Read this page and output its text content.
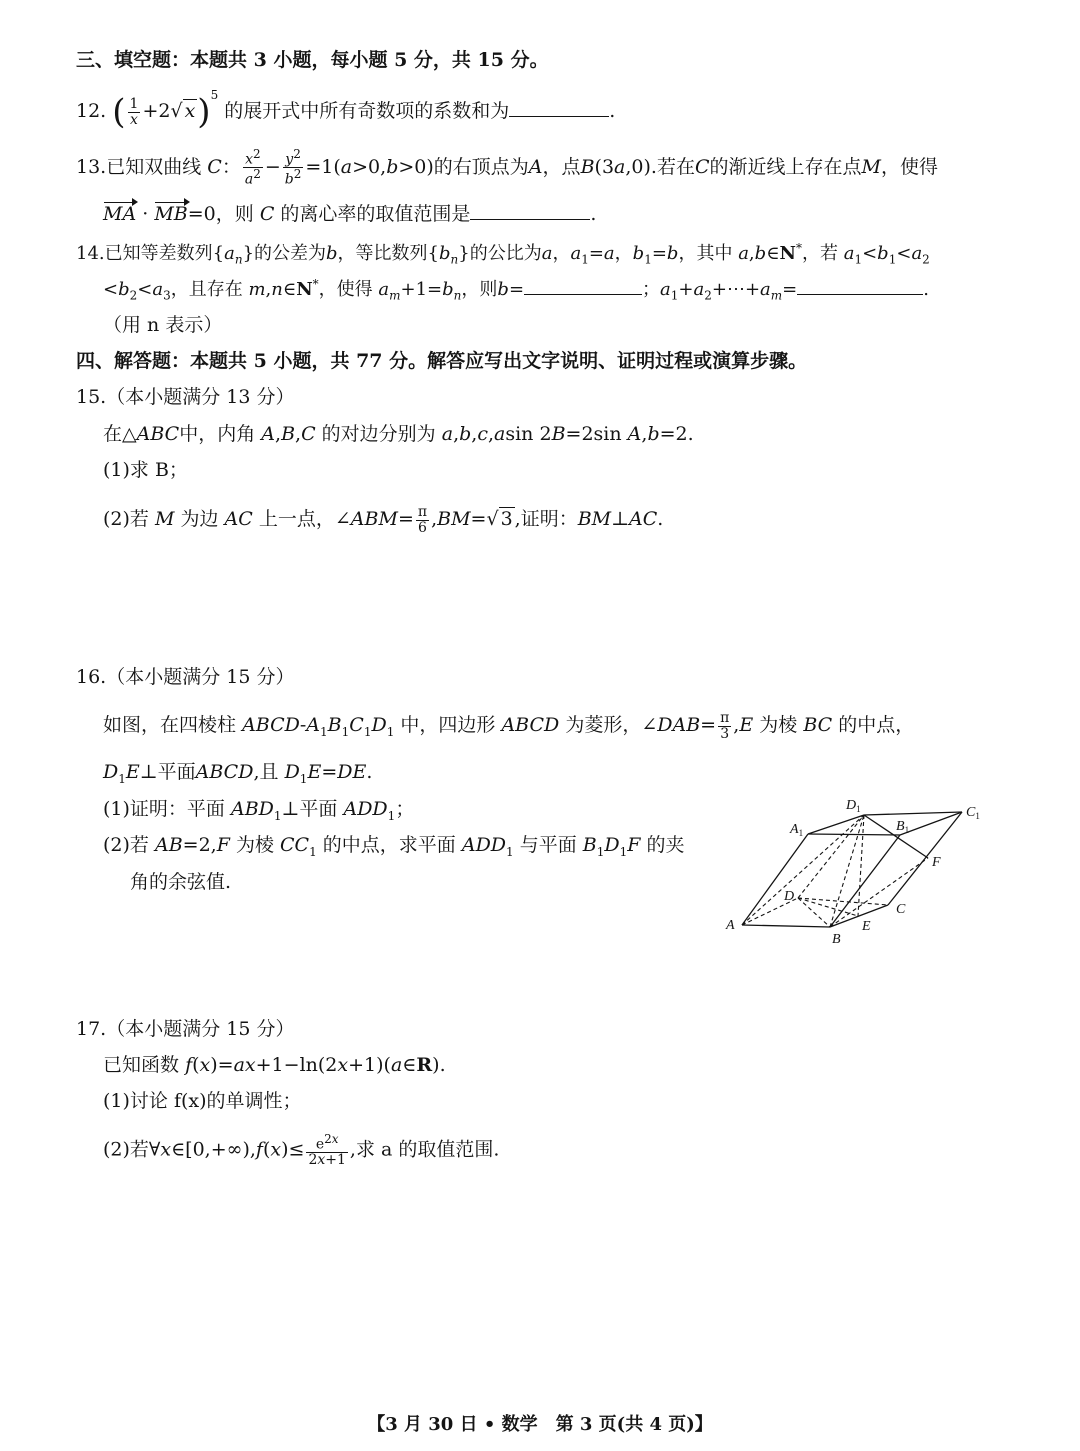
三、填空题：本题共 3 小题，每小题 5 分，共 15 分。
12. ( $\frac{1}{x} +2√$ x)$^5$ 的展开式中所有奇数项的系数和为	.
13.已知双曲线 C： $\frac{x^2}{a^2} - \frac{y^2}{b^2} =1(a>0,b>0)$的右顶点为A，点B(3a,0).若在C的渐近线上存在点M，使得
MA · MB=0，则 C 的离心率的取值范围是	.
14.已知等差数列$\{a_n\}$的公差为b，等比数列$\{b_n\}$的公比为a，$a_1=a$，$b_1=b$，其中 a,b∈N*，若 $a_1<b_1<a_2$
$<b_2<a_3$，且存在 m,n∈N*，使得 $a_m+1=b_n$，则b=	；$a_1+a_2+\cdots+a_m=$	.
（用 n 表示）
四、解答题：本题共 5 小题，共 77 分。解答应写出文字说明、证明过程或演算步骤。
15.（本小题满分 13 分）
在△ABC中，内角 A,B,C 的对边分别为 a,b,c,asin 2B=2sin A,b=2.
(1)求 B；
(2)若 M 为边 AC 上一点，∠ABM= $\frac{\pi}{6} ,BM=√$ 3 ,证明：BM⊥AC.
16.（本小题满分 15 分）
如图，在四棱柱 ABCD-$A_1B_1C_1D_1$ 中，四边形 ABCD 为菱形，∠DAB= $\frac{\pi}{3} ,E$ 为棱 BC 的中点，
$D_1E\perp$平面ABCD,且 $D_1E=DE$.
(1)证明：平面 $ABD_1\perp$平面 $ADD_1$；
(2)若 AB=2,F 为棱 $CC_1$ 的中点，求平面 $ADD_1$ 与平面 $B_1D_1F$ 的夹
角的余弦值.
A
B
C
D
E
F
$A_1$	$B_1$
$C_1$
$D_1$
17.（本小题满分 15 分）
已知函数 f(x)=ax+1−ln(2x+1)(a∈R).
(1)讨论 f(x)的单调性；
(2)若∀x∈[0,+∞),f(x)≤ $\frac{e^{2x}}{2x+1}$ ,求 a 的取值范围.
【3 月 30 日 • 数学　第 3 页(共 4 页)】
